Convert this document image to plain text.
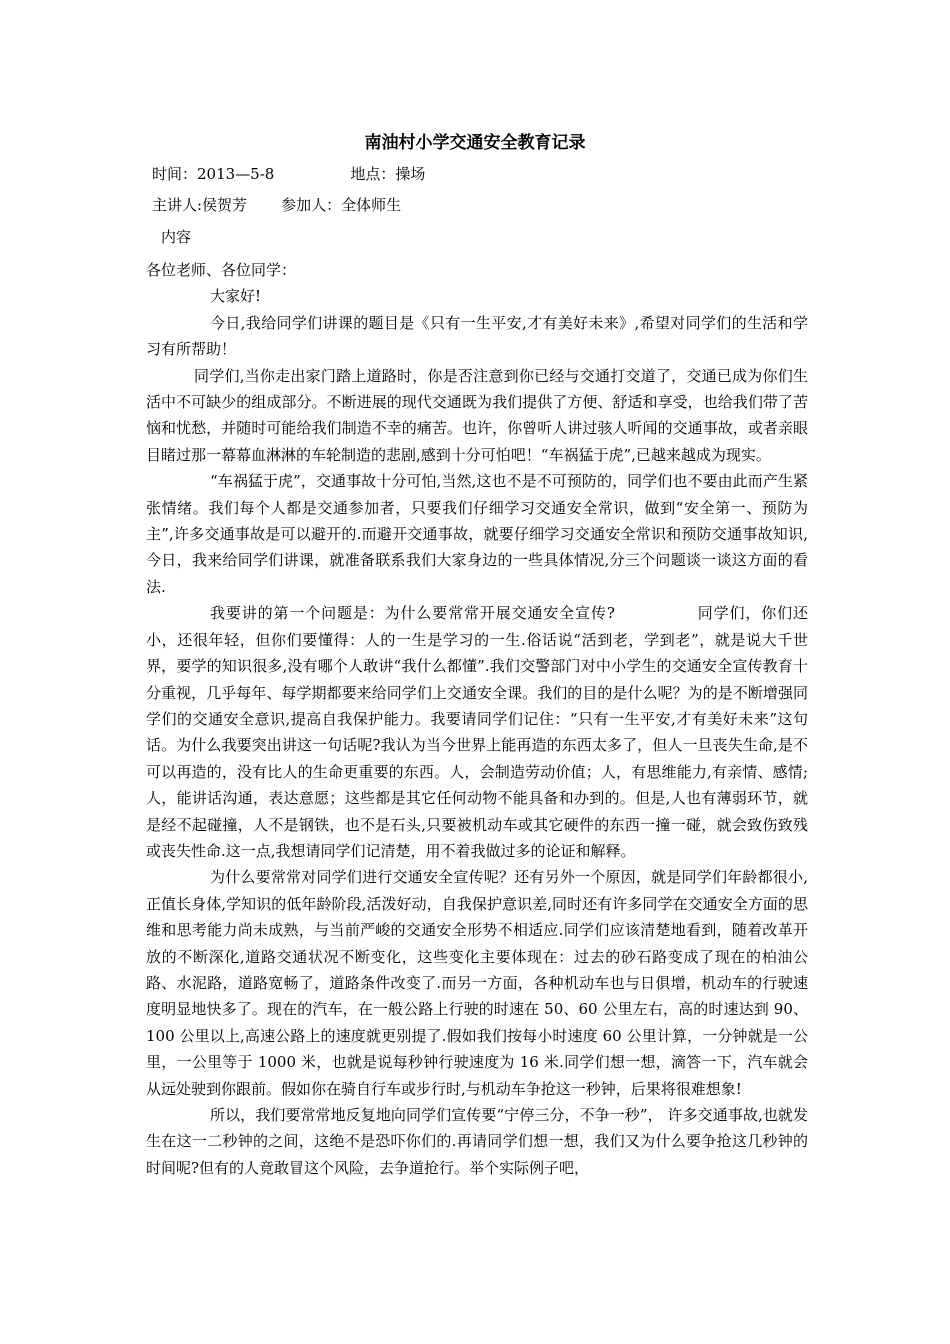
南油村小学交通安全教育记录
时间：2013—5-8	地点：操场
主讲人:侯贺芳 参加人：全体师生
内容

各位老师、各位同学：

大家好!

今日,我给同学们讲课的题目是《只有一生平安,才有美好未来》,希望对同学们的生活和学习有所帮助！

同学们,当你走出家门踏上道路时，你是否注意到你已经与交通打交道了，交通已成为你们生活中不可缺少的组成部分。不断进展的现代交通既为我们提供了方便、舒适和享受，也给我们带了苦恼和忧愁，并随时可能给我们制造不幸的痛苦。也许，你曾听人讲过骇人听闻的交通事故，或者亲眼目睹过那一幕幕血淋淋的车轮制造的悲剧,感到十分可怕吧！“车祸猛于虎”,已越来越成为现实。

“车祸猛于虎”，交通事故十分可怕,当然,这也不是不可预防的，同学们也不要由此而产生紧张情绪。我们每个人都是交通参加者，只要我们仔细学习交通安全常识，做到“安全第一、预防为主”,许多交通事故是可以避开的.而避开交通事故，就要仔细学习交通安全常识和预防交通事故知识,今日，我来给同学们讲课，就准备联系我们大家身边的一些具体情况,分三个问题谈一谈这方面的看法.

我要讲的第一个问题是：为什么要常常开展交通安全宣传?	同学们，你们还小，还很年轻，但你们要懂得：人的一生是学习的一生.俗话说“活到老，学到老”，就是说大千世界，要学的知识很多,没有哪个人敢讲“我什么都懂”.我们交警部门对中小学生的交通安全宣传教育十分重视，几乎每年、每学期都要来给同学们上交通安全课。我们的目的是什么呢？为的是不断增强同学们的交通安全意识,提高自我保护能力。我要请同学们记住：“只有一生平安,才有美好未来”这句话。为什么我要突出讲这一句话呢?我认为当今世界上能再造的东西太多了，但人一旦丧失生命,是不可以再造的，没有比人的生命更重要的东西。人，会制造劳动价值；人，有思维能力,有亲情、感情;人，能讲话沟通，表达意愿；这些都是其它任何动物不能具备和办到的。但是,人也有薄弱环节，就是经不起碰撞，人不是钢铁，也不是石头,只要被机动车或其它硬件的东西一撞一碰，就会致伤致残或丧失性命.这一点,我想请同学们记清楚，用不着我做过多的论证和解释。

为什么要常常对同学们进行交通安全宣传呢？还有另外一个原因，就是同学们年龄都很小,正值长身体,学知识的低年龄阶段,活泼好动，自我保护意识差,同时还有许多同学在交通安全方面的思维和思考能力尚未成熟，与当前严峻的交通安全形势不相适应.同学们应该清楚地看到，随着改革开放的不断深化,道路交通状况不断变化，这些变化主要体现在：过去的砂石路变成了现在的柏油公路、水泥路，道路宽畅了，道路条件改变了.而另一方面，各种机动车也与日俱增，机动车的行驶速度明显地快多了。现在的汽车，在一般公路上行驶的时速在 50、60 公里左右，高的时速达到 90、100 公里以上,高速公路上的速度就更别提了.假如我们按每小时速度 60 公里计算，一分钟就是一公里，一公里等于 1000 米，也就是说每秒钟行驶速度为 16 米.同学们想一想，滴答一下，汽车就会从远处驶到你跟前。假如你在骑自行车或步行时,与机动车争抢这一秒钟，后果将很难想象!

所以，我们要常常地反复地向同学们宣传要“宁停三分，不争一秒”， 许多交通事故,也就发生在这一二秒钟的之间，这绝不是恐吓你们的.再请同学们想一想，我们又为什么要争抢这几秒钟的时间呢?但有的人竟敢冒这个风险，去争道抢行。举个实际例子吧，
